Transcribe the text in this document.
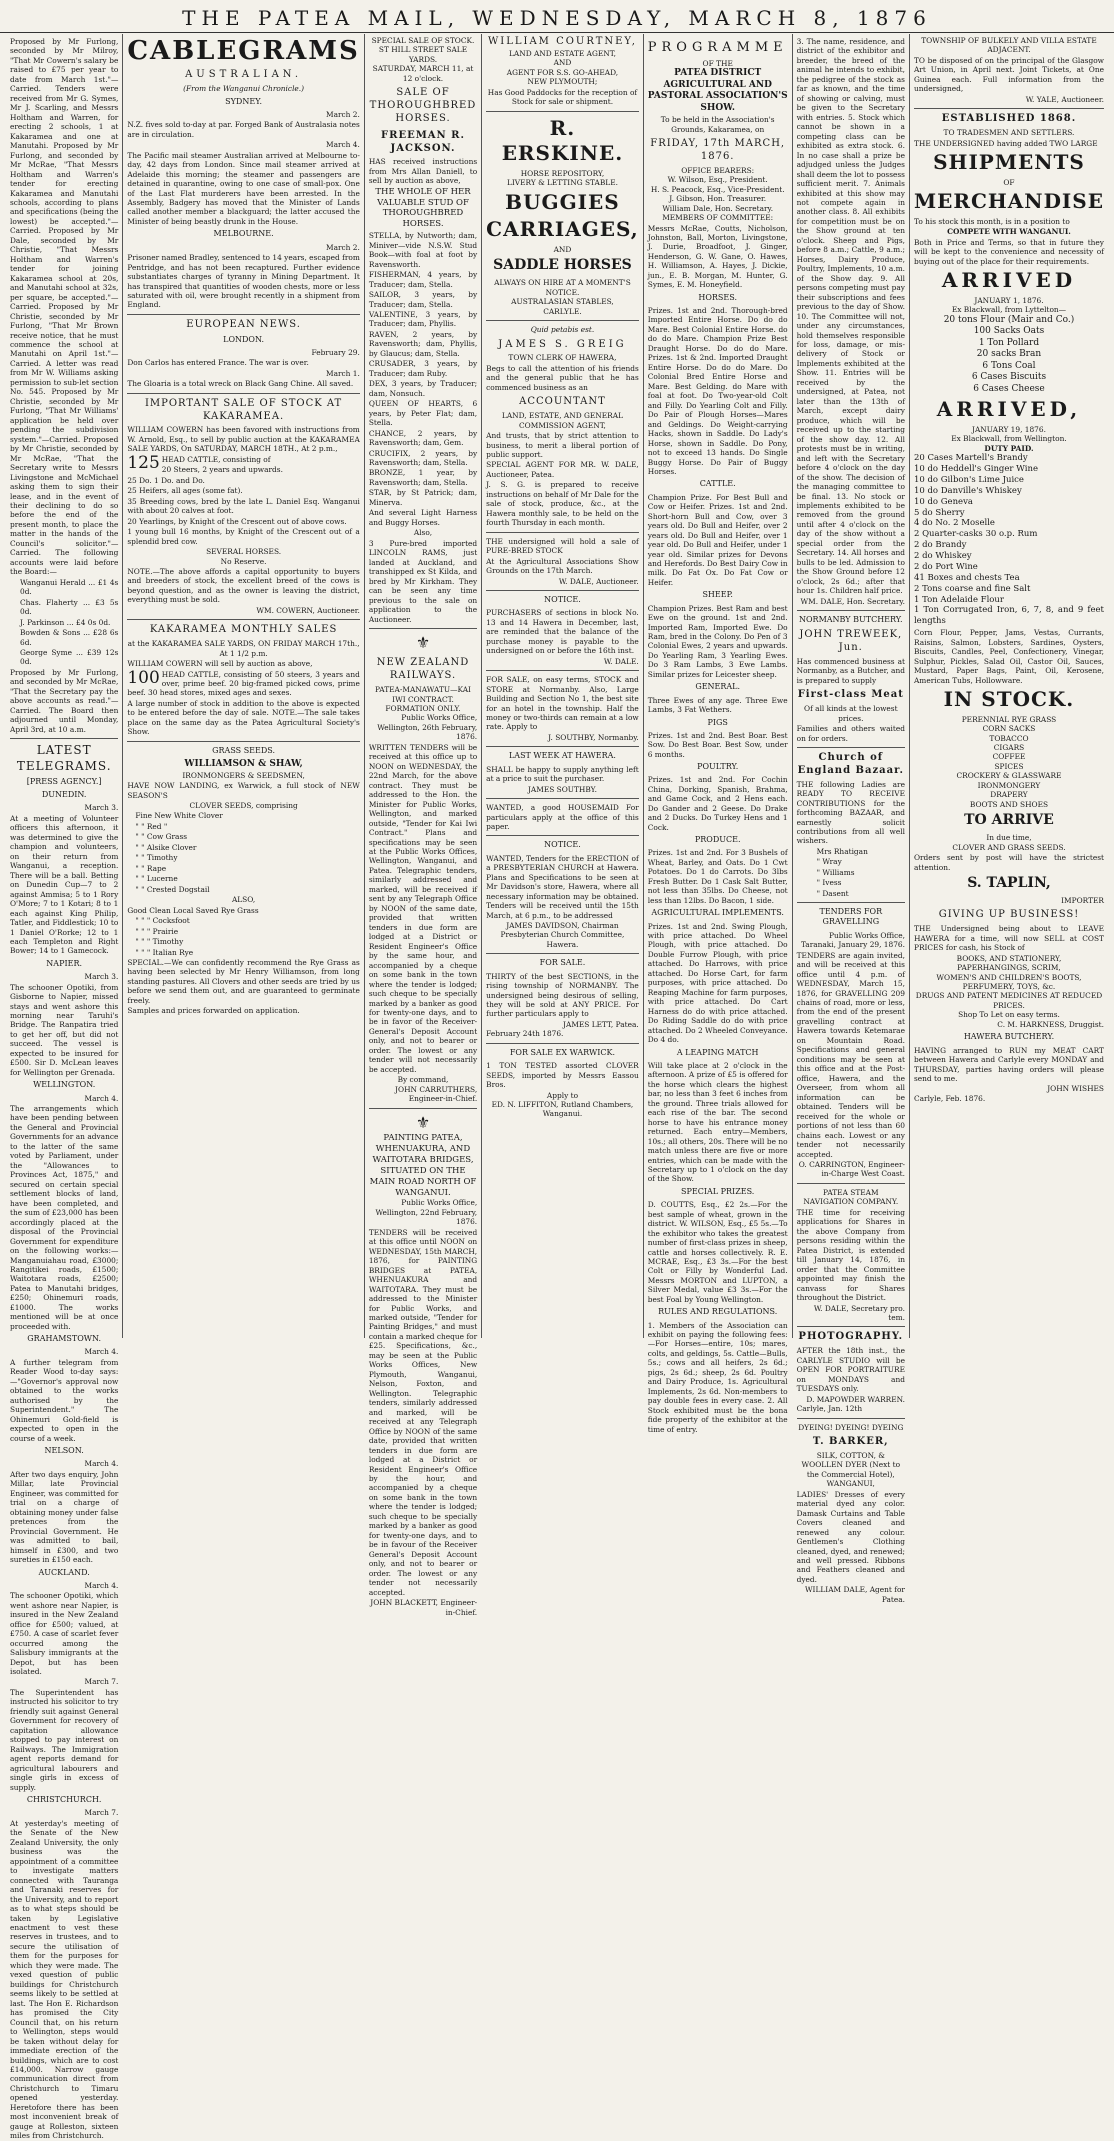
THE PATEA MAIL, WEDNESDAY, MARCH 8, 1876

Proposed by Mr Furlong, seconded by Mr Milroy, "That Mr Cowern's salary be raised to £75 per year to date from March 1st."—Carried. Tenders were received from Mr G. Symes, Mr J. Scarling, and Messrs Holtham and Warren, for erecting 2 schools, 1 at Kakaramea and one at Manutahi. Proposed by Mr Furlong, and seconded by Mr McRae, "That Messrs Holtham and Warren's tender for erecting Kakaramea and Manutahi schools, according to plans and specifications (being the lowest) be accepted."—Carried. Proposed by Mr Dale, seconded by Mr Christie, "That Messrs Holtham and Warren's tender for joining Kakaramea school at 20s, and Manutahi school at 32s, per square, be accepted."—Carried. Proposed by Mr Christie, seconded by Mr Furlong, "That Mr Brown receive notice, that he must commence the school at Manutahi on April 1st."—Carried. A letter was read from Mr W. Williams asking permission to sub-let section No. 545. Proposed by Mr Christie, seconded by Mr Furlong, "That Mr Williams' application be held over pending the subdivision system."—Carried. Proposed by Mr Christie, seconded by Mr McRae, "That the Secretary write to Messrs Livingstone and McMichael asking them to sign their lease, and in the event of their declining to do so before the end of the present month, to place the matter in the hands of the Council's solicitor."—Carried. The following accounts were laid before the Board:—

Wanganui Herald ... £1 4s 0d.

Chas. Flaherty ... £3 5s 0d.

J. Parkinson ... £4 0s 0d.

Bowden & Sons ... £28 6s 6d.

George Syme ... £39 12s 0d.

Proposed by Mr Furlong, and seconded by Mr McRae, "That the Secretary pay the above accounts as read."—Carried. The Board then adjourned until Monday, April 3rd, at 10 a.m.

LATEST TELEGRAMS.
[PRESS AGENCY.]
DUNEDIN.
March 3.

At a meeting of Volunteer officers this afternoon, it was determined to give the champion and volunteers, on their return from Wanganui, a reception. There will be a ball. Betting on Dunedin Cup—7 to 2 against Ammisa; 5 to 1 Rory O'More; 7 to 1 Kotari; 8 to 1 each against King Philip, Tatler, and Fiddlestick; 10 to 1 Daniel O'Rorke; 12 to 1 each Templeton and Right Bower; 14 to 1 Gamecock.

NAPIER.
March 3.

The schooner Opotiki, from Gisborne to Napier, missed stays and went ashore this morning near Taruhi's Bridge. The Ranpatira tried to get her off, but did not succeed. The vessel is expected to be insured for £500. Sir D. McLean leaves for Wellington per Grenada.

WELLINGTON.
March 4.

The arrangements which have been pending between the General and Provincial Governments for an advance to the latter of the same voted by Parliament, under the "Allowances to Provinces Act, 1875," and secured on certain special settlement blocks of land, have been completed, and the sum of £23,000 has been accordingly placed at the disposal of the Provincial Government for expenditure on the following works:—Manganuiahau road, £3000; Rangitikei roads, £1500; Waitotara roads, £2500; Patea to Manutahi bridges, £250; Ohinemuri roads, £1000. The works mentioned will be at once proceeded with.

GRAHAMSTOWN.
March 4.

A further telegram from Reader Wood to-day says:—"Governor's approval now obtained to the works authorised by the Superintendent." The Ohinemuri Gold-field is expected to open in the course of a week.

NELSON.
March 4.

After two days enquiry, John Millar, late Provincial Engineer, was committed for trial on a charge of obtaining money under false pretences from the Provincial Government. He was admitted to bail, himself in £300, and two sureties in £150 each.

AUCKLAND.
March 4.

The schooner Opotiki, which went ashore near Napier, is insured in the New Zealand office for £500; valued, at £750. A case of scarlet fever occurred among the Salisbury immigrants at the Depot, but has been isolated.

March 7.

The Superintendent has instructed his solicitor to try friendly suit against General Government for recovery of capitation allowance stopped to pay interest on Railways. The Immigration agent reports demand for agricultural labourers and single girls in excess of supply.

CHRISTCHURCH.
March 7.

At yesterday's meeting of the Senate of the New Zealand University, the only business was the appointment of a committee to investigate matters connected with Tauranga and Taranaki reserves for the University, and to report as to what steps should be taken by Legislative enactment to vest these reserves in trustees, and to secure the utilisation of them for the purposes for which they were made. The vexed question of public buildings for Christchurch seems likely to be settled at last. The Hon E. Richardson has promised the City Council that, on his return to Wellington, steps would be taken without delay for immediate erection of the buildings, which are to cost £14,000. Narrow gauge communication direct from Christchurch to Timaru opened yesterday. Heretofore there has been most inconvenient break of gauge at Rolleston, sixteen miles from Christchurch.

CABLEGRAMS
AUSTRALIAN.
(From the Wanganui Chronicle.)
SYDNEY.
March 2.

N.Z. fives sold to-day at par. Forged Bank of Australasia notes are in circulation.

March 4.

The Pacific mail steamer Australian arrived at Melbourne to-day, 42 days from London. Since mail steamer arrived at Adelaide this morning; the steamer and passengers are detained in quarantine, owing to one case of small-pox. One of the Last Flat murderers have been arrested. In the Assembly, Badgery has moved that the Minister of Lands called another member a blackguard; the latter accused the Minister of being beastly drunk in the House.

MELBOURNE.
March 2.

Prisoner named Bradley, sentenced to 14 years, escaped from Pentridge, and has not been recaptured. Further evidence substantiates charges of tyranny in Mining Department. It has transpired that quantities of wooden chests, more or less saturated with oil, were brought recently in a shipment from England.

EUROPEAN NEWS.
LONDON.
February 29.

Don Carlos has entered France. The war is over.

March 1.

The Gloaria is a total wreck on Black Gang Chine. All saved.

IMPORTANT SALE OF STOCK AT KAKARAMEA.

WILLIAM COWERN has been favored with instructions from W. Arnold, Esq., to sell by public auction at the KAKARAMEA SALE YARDS, On SATURDAY, MARCH 18TH., At 2 p.m.,

125 HEAD CATTLE, consisting of

20 Steers, 2 years and upwards.

25 Do. 1 Do. and Do.

25 Heifers, all ages (some fat).

35 Breeding cows, bred by the late L. Daniel Esq. Wanganui with about 20 calves at foot.

20 Yearlings, by Knight of the Crescent out of above cows.

1 young bull 16 months, by Knight of the Crescent out of a splendid bred cow.

SEVERAL HORSES.
No Reserve.

NOTE.—The above affords a capital opportunity to buyers and breeders of stock, the excellent breed of the cows is beyond question, and as the owner is leaving the district, everything must be sold.

WM. COWERN, Auctioneer.
KAKARAMEA MONTHLY SALES
at the KAKARAMEA SALE YARDS, ON FRIDAY MARCH 17th., At 1 1/2 p.m.

WILLIAM COWERN will sell by auction as above,

100 HEAD CATTLE, consisting of 50 steers, 3 years and over, prime beef. 20 big-framed picked cows, prime beef. 30 head stores, mixed ages and sexes.

A large number of stock in addition to the above is expected to be entered before the day of sale. NOTE.—The sale takes place on the same day as the Patea Agricultural Society's Show.

GRASS SEEDS.
WILLIAMSON & SHAW,
IRONMONGERS & SEEDSMEN,

HAVE NOW LANDING, ex Warwick, a full stock of NEW SEASON'S

CLOVER SEEDS, comprising

Fine New White Clover

" " Red "

" " Cow Grass

" " Alsike Clover

" " Timothy

" " Rape

" " Lucerne

" " Crested Dogstail

ALSO,

Good Clean Local Saved Rye Grass

" " " Cocksfoot

" " " Prairie

" " " Timothy

" " " Italian Rye

SPECIAL.—We can confidently recommend the Rye Grass as having been selected by Mr Henry Williamson, from long standing pastures. All Clovers and other seeds are tried by us before we send them out, and are guaranteed to germinate freely.

Samples and prices forwarded on application.

SPECIAL SALE OF STOCK.
ST HILL STREET SALE YARDS.
SATURDAY, MARCH 11, at 12 o'clock.
SALE OF THOROUGHBRED HORSES.
FREEMAN R. JACKSON.

HAS received instructions from Mrs Allan Daniell, to sell by auction as above,

THE WHOLE OF HER VALUABLE STUD OF THOROUGHBRED HORSES.

STELLA, by Nutworth; dam, Miniver—vide N.S.W. Stud Book—with foal at foot by Ravensworth.

FISHERMAN, 4 years, by Traducer; dam, Stella.

SAILOR, 3 years, by Traducer; dam, Stella.

VALENTINE, 3 years, by Traducer; dam, Phyllis.

RAVEN, 2 years, by Ravensworth; dam, Phyllis, by Glaucus; dam, Stella.

CRUSADER, 3 years, by Traducer; dam Ruby.

DEX, 3 years, by Traducer; dam, Nonsuch.

QUEEN OF HEARTS, 6 years, by Peter Flat; dam, Stella.

CHANCE, 2 years, by Ravensworth; dam, Gem.

CRUCIFIX, 2 years, by Ravensworth; dam, Stella.

BRONZE, 1 year, by Ravensworth; dam, Stella.

STAR, by St Patrick; dam, Minerva.

And several Light Harness and Buggy Horses.

Also,

3 Pure-bred imported LINCOLN RAMS, just landed at Auckland, and transhipped ex St Kilda, and bred by Mr Kirkham. They can be seen any time previous to the sale on application to the Auctioneer.

⚜
NEW ZEALAND RAILWAYS.
PATEA-MANAWATU—KAI IWI CONTRACT.
FORMATION ONLY.
Public Works Office, Wellington, 26th February, 1876.

WRITTEN TENDERS will be received at this office up to NOON on WEDNESDAY, the 22nd March, for the above contract. They must be addressed to the Hon. the Minister for Public Works, Wellington, and marked outside, "Tender for Kai Iwi Contract." Plans and specifications may be seen at the Public Works Offices, Wellington, Wanganui, and Patea. Telegraphic tenders, similarly addressed and marked, will be received if sent by any Telegraph Office by NOON of the same date, provided that written tenders in due form are lodged at a District or Resident Engineer's Office by the same hour, and accompanied by a cheque on some bank in the town where the tender is lodged; such cheque to be specially marked by a banker as good for twenty-one days, and to be in favor of the Receiver-General's Deposit Account only, and not to bearer or order. The lowest or any tender will not necessarily be accepted.

By command,
JOHN CARRUTHERS, Engineer-in-Chief.
⚜
PAINTING PATEA, WHENUAKURA, AND WAITOTARA BRIDGES, SITUATED ON THE MAIN ROAD NORTH OF WANGANUI.
Public Works Office, Wellington, 22nd February, 1876.

TENDERS will be received at this office until NOON on WEDNESDAY, 15th MARCH, 1876, for PAINTING BRIDGES at PATEA, WHENUAKURA and WAITOTARA. They must be addressed to the Minister for Public Works, and marked outside, "Tender for Painting Bridges," and must contain a marked cheque for £25. Specifications, &c., may be seen at the Public Works Offices, New Plymouth, Wanganui, Nelson, Foxton, and Wellington. Telegraphic tenders, similarly addressed and marked, will be received at any Telegraph Office by NOON of the same date, provided that written tenders in due form are lodged at a District or Resident Engineer's Office by the hour, and accompanied by a cheque on some bank in the town where the tender is lodged; such cheque to be specially marked by a banker as good for twenty-one days, and to be in favour of the Receiver General's Deposit Account only, and not to bearer or order. The lowest or any tender not necessarily accepted.

JOHN BLACKETT, Engineer-in-Chief.
WILLIAM COURTNEY,
LAND AND ESTATE AGENT,
AND
AGENT FOR S.S. GO-AHEAD,
NEW PLYMOUTH;

Has Good Paddocks for the reception of Stock for sale or shipment.

R. ERSKINE.
HORSE REPOSITORY,
LIVERY & LETTING STABLE.
BUGGIES
CARRIAGES,
AND
SADDLE HORSES
ALWAYS ON HIRE AT A MOMENT'S NOTICE.
AUSTRALASIAN STABLES,
CARLYLE.
Quid petabis est.
JAMES S. GREIG
TOWN CLERK OF HAWERA,

Begs to call the attention of his friends and the general public that he has commenced business as an

ACCOUNTANT
LAND, ESTATE, AND GENERAL COMMISSION AGENT,

And trusts, that by strict attention to business, to merit a liberal portion of public support.

SPECIAL AGENT FOR MR. W. DALE, Auctioneer, Patea.

J. S. G. is prepared to receive instructions on behalf of Mr Dale for the sale of stock, produce, &c., at the Hawera monthly sale, to be held on the fourth Thursday in each month.

THE undersigned will hold a sale of PURE-BRED STOCK

At the Agricultural Associations Show Grounds on the 17th March.

W. DALE, Auctioneer.
NOTICE.

PURCHASERS of sections in block No. 13 and 14 Hawera in December, last, are reminded that the balance of the purchase money is payable to the undersigned on or before the 16th inst.

W. DALE.

FOR SALE, on easy terms, STOCK and STORE at Normanby. Also, Large Building and Section No 1, the best site for an hotel in the township. Half the money or two-thirds can remain at a low rate. Apply to

J. SOUTHBY, Normanby.
LAST WEEK AT HAWERA.

SHALL be happy to supply anything left at a price to suit the purchaser.

JAMES SOUTHBY.

WANTED, a good HOUSEMAID For particulars apply at the office of this paper.

NOTICE.

WANTED, Tenders for the ERECTION of a PRESBYTERIAN CHURCH at Hawera. Plans and Specifications to be seen at Mr Davidson's store, Hawera, where all necessary information may be obtained. Tenders will be received until the 15th March, at 6 p.m., to be addressed

JAMES DAVIDSON, Chairman Presbyterian Church Committee, Hawera.
FOR SALE.

THIRTY of the best SECTIONS, in the rising township of NORMANBY. The undersigned being desirous of selling, they will be sold at ANY PRICE. For further particulars apply to

JAMES LETT, Patea.
February 24th 1876.
FOR SALE EX WARWICK.

1 TON TESTED assorted CLOVER SEEDS, imported by Messrs Eassou Bros.

Apply to
ED. N. LIFFITON, Rutland Chambers, Wanganui.
PROGRAMME
OF THE
PATEA DISTRICT AGRICULTURAL AND PASTORAL ASSOCIATION'S SHOW.

To be held in the Association's Grounds, Kakaramea, on

FRIDAY, 17th MARCH, 1876.
OFFICE BEARERS:
W. Wilson, Esq., President.
H. S. Peacock, Esq., Vice-President.
J. Gibson, Hon. Treasurer.
William Dale, Hon. Secretary.
MEMBERS OF COMMITTEE:

Messrs McRae, Coutts, Nicholson, Johnston, Ball, Morton, Livingstone, J. Durie, Broadfoot, J. Ginger, Henderson, G. W. Gane, O. Hawes, H. Williamson, A. Hayes, J. Dickie, jun., E. B. Morgan, M. Hunter, G. Symes, E. M. Honeyfield.

HORSES.

Prizes. 1st and 2nd. Thorough-bred Imported Entire Horse. Do do do Mare. Best Colonial Entire Horse. do do do Mare. Champion Prize Best Draught Horse. Do do do Mare. Prizes. 1st & 2nd. Imported Draught Entire Horse. Do do do Mare. Do Colonial Bred Entire Horse and Mare. Best Gelding. do Mare with foal at foot. Do Two-year-old Colt and Filly. Do Yearling Colt and Filly. Do Pair of Plough Horses—Mares and Geldings. Do Weight-carrying Hacks, shown in Saddle. Do Lady's Horse, shown in Saddle. Do Pony, not to exceed 13 hands. Do Single Buggy Horse. Do Pair of Buggy Horses.

CATTLE.

Champion Prize. For Best Bull and Cow or Heifer. Prizes. 1st and 2nd. Short-horn Bull and Cow, over 3 years old. Do Bull and Heifer, over 2 years old. Do Bull and Heifer, over 1 year old. Do Bull and Heifer, under 1 year old. Similar prizes for Devons and Herefords. Do Best Dairy Cow in milk. Do Fat Ox. Do Fat Cow or Heifer.

SHEEP.

Champion Prizes. Best Ram and best Ewe on the ground. 1st and 2nd. Imported Ram, Imported Ewe. Do Ram, bred in the Colony. Do Pen of 3 Colonial Ewes, 2 years and upwards. Do Yearling Ram, 3 Yearling Ewes. Do 3 Ram Lambs, 3 Ewe Lambs. Similar prizes for Leicester sheep.

GENERAL.

Three Ewes of any age. Three Ewe Lambs, 3 Fat Wethers.

PIGS

Prizes. 1st and 2nd. Best Boar. Best Sow. Do Best Boar. Best Sow, under 6 months.

POULTRY.

Prizes. 1st and 2nd. For Cochin China, Dorking, Spanish, Brahma, and Game Cock, and 2 Hens each. Do Gander and 2 Geese. Do Drake and 2 Ducks. Do Turkey Hens and 1 Cock.

PRODUCE.

Prizes. 1st and 2nd. For 3 Bushels of Wheat, Barley, and Oats. Do 1 Cwt Potatoes. Do 1 do Carrots. Do 3lbs Fresh Butter. Do 1 Cask Salt Butter, not less than 35lbs. Do Cheese, not less than 12lbs. Do Bacon, 1 side.

AGRICULTURAL IMPLEMENTS.

Prizes. 1st and 2nd. Swing Plough, with price attached. Do Wheel Plough, with price attached. Do Double Furrow Plough, with price attached. Do Harrows, with price attached. Do Horse Cart, for farm purposes, with price attached. Do Reaping Machine for farm purposes, with price attached. Do Cart Harness do do with price attached. Do Riding Saddle do do with price attached. Do 2 Wheeled Conveyance. Do 4 do.

A LEAPING MATCH

Will take place at 2 o'clock in the afternoon. A prize of £5 is offered for the horse which clears the highest bar, no less than 3 feet 6 inches from the ground. Three trials allowed for each rise of the bar. The second horse to have his entrance money returned. Each entry—Members, 10s.; all others, 20s. There will be no match unless there are five or more entries, which can be made with the Secretary up to 1 o'clock on the day of the Show.

SPECIAL PRIZES.

D. COUTTS, Esq., £2 2s.—For the best sample of wheat, grown in the district. W. WILSON, Esq., £5 5s.—To the exhibitor who takes the greatest number of first-class prizes in sheep, cattle and horses collectively. R. E. MCRAE, Esq., £3 3s.—For the best Colt or Filly by Wonderful Lad. Messrs MORTON and LUPTON, a Silver Medal, value £3 3s.—For the best Foal by Young Wellington.

RULES AND REGULATIONS.

1. Members of the Association can exhibit on paying the following fees:—For Horses—entire, 10s; mares, colts, and geldings, 5s. Cattle—Bulls, 5s.; cows and all heifers, 2s 6d.; pigs, 2s 6d.; sheep, 2s 6d. Poultry and Dairy Produce, 1s. Agricultural Implements, 2s 6d. Non-members to pay double fees in every case. 2. All Stock exhibited must be the bona fide property of the exhibitor at the time of entry.

3. The name, residence, and district of the exhibitor and breeder, the breed of the animal he intends to exhibit, the pedigree of the stock as far as known, and the time of showing or calving, must be given to the Secretary with entries. 5. Stock which cannot be shown in a competing class can be exhibited as extra stock. 6. In no case shall a prize be adjudged unless the Judges shall deem the lot to possess sufficient merit. 7. Animals exhibited at this show may not compete again in another class. 8. All exhibits for competition must be on the Show ground at ten o'clock. Sheep and Pigs, before 8 a.m.; Cattle, 9 a.m.; Horses, Dairy Produce, Poultry, Implements, 10 a.m. of the Show day. 9. All persons competing must pay their subscriptions and fees previous to the day of Show. 10. The Committee will not, under any circumstances, hold themselves responsible for loss, damage, or mis-delivery of Stock or Implements exhibited at the Show. 11. Entries will be received by the undersigned, at Patea, not later than the 13th of March, except dairy produce, which will be received up to the starting of the show day. 12. All protests must be in writing, and left with the Secretary before 4 o'clock on the day of the show. The decision of the managing committee to be final. 13. No stock or implements exhibited to be removed from the ground until after 4 o'clock on the day of the show without a special order from the Secretary. 14. All horses and bulls to be led. Admission to the Show Ground before 12 o'clock, 2s 6d.; after that hour 1s. Children half price.

WM. DALE, Hon. Secretary.
NORMANBY BUTCHERY.
JOHN TREWEEK, Jun.

Has commenced business at Normanby, as a Butcher, and is prepared to supply

First-class Meat
Of all kinds at the lowest prices.

Families and others waited on for orders.

Church of England Bazaar.

THE following Ladies are READY TO RECEIVE CONTRIBUTIONS for the forthcoming BAZAAR, and earnestly solicit contributions from all well wishers.

Mrs Rhatigan

" Wray

" Williams

" Ivess

" Dasent

TENDERS FOR GRAVELLING
Public Works Office, Taranaki, January 29, 1876.

TENDERS are again invited, and will be received at this office until 4 p.m. of WEDNESDAY, March 15, 1876, for GRAVELLING 209 chains of road, more or less, from the end of the present gravelling contract at Hawera towards Ketemarae on Mountain Road. Specifications and general conditions may be seen at this office and at the Post-office, Hawera, and the Overseer, from whom all information can be obtained. Tenders will be received for the whole or portions of not less than 60 chains each. Lowest or any tender not necessarily accepted.

O. CARRINGTON, Engineer-in-Charge West Coast.
PATEA STEAM NAVIGATION COMPANY.

THE time for receiving applications for Shares in the above Company from persons residing within the Patea District, is extended till January 14, 1876, in order that the Committee appointed may finish the canvass for Shares throughout the District.

W. DALE, Secretary pro. tem.
PHOTOGRAPHY.

AFTER the 18th inst., the CARLYLE STUDIO will be OPEN FOR PORTRAITURE on MONDAYS and TUESDAYS only.

D. MAPOWDER WARREN.
Carlyle, Jan. 12th
DYEING! DYEING! DYEING
T. BARKER,
SILK, COTTON, & WOOLLEN DYER (Next to the Commercial Hotel), WANGANUI,

LADIES' Dresses of every material dyed any color. Damask Curtains and Table Covers cleaned and renewed any colour. Gentlemen's Clothing cleaned, dyed, and renewed; and well pressed. Ribbons and Feathers cleaned and dyed.

WILLIAM DALE, Agent for Patea.
TOWNSHIP OF BULKELY AND VILLA ESTATE ADJACENT.

TO be disposed of on the principal of the Glasgow Art Union, in April next. Joint Tickets, at One Guinea each. Full information from the undersigned,

W. YALE, Auctioneer.
ESTABLISHED 1868.
TO TRADESMEN AND SETTLERS.

THE UNDERSIGNED having added TWO LARGE

SHIPMENTS
OF
MERCHANDISE

To his stock this month, is in a position to

COMPETE WITH WANGANUI.

Both in Price and Terms, so that in future they will be kept to the convenience and necessity of buying out of the place for their requirements.

ARRIVED
JANUARY 1, 1876.
Ex Blackwall, from Lyttelton—
20 tons Flour (Mair and Co.)
100 Sacks Oats
1 Ton Pollard
20 sacks Bran
6 Tons Coal
6 Cases Biscuits
6 Cases Cheese
ARRIVED,
JANUARY 19, 1876.
Ex Blackwall, from Wellington.
DUTY PAID.
20 Cases Martell's Brandy
10 do Heddell's Ginger Wine
10 do Gilbon's Lime Juice
10 do Danville's Whiskey
10 do Geneva
5 do Sherry
4 do No. 2 Moselle
2 Quarter-casks 30 o.p. Rum
2 do Brandy
2 do Whiskey
2 do Port Wine
41 Boxes and chests Tea
2 Tons coarse and fine Salt
1 Ton Adelaide Flour
1 Ton Corrugated Iron, 6, 7, 8, and 9 feet lengths

Corn Flour, Pepper, Jams, Vestas, Currants, Raisins, Salmon, Lobsters, Sardines, Oysters, Biscuits, Candles, Peel, Confectionery, Vinegar, Sulphur, Pickles, Salad Oil, Castor Oil, Sauces, Mustard, Paper Bags, Paint, Oil, Kerosene, American Tubs, Hollowware.

IN STOCK.
PERENNIAL RYE GRASS
CORN SACKS
TOBACCO
CIGARS
COFFEE
SPICES
CROCKERY & GLASSWARE
IRONMONGERY
DRAPERY
BOOTS AND SHOES
TO ARRIVE
In due time,
CLOVER AND GRASS SEEDS.

Orders sent by post will have the strictest attention.

S. TAPLIN,
IMPORTER
GIVING UP BUSINESS!

THE Undersigned being about to LEAVE HAWERA for a time, will now SELL at COST PRICES for cash, his Stock of

BOOKS, AND STATIONERY,
PAPERHANGINGS, SCRIM,
WOMEN'S AND CHILDREN'S BOOTS, PERFUMERY, TOYS, &c.
DRUGS AND PATENT MEDICINES AT REDUCED PRICES.
Shop To Let on easy terms.
C. M. HARKNESS, Druggist.
HAWERA BUTCHERY.

HAVING arranged to RUN my MEAT CART between Hawera and Carlyle every MONDAY and THURSDAY, parties having orders will please send to me.

JOHN WISHES
Carlyle, Feb. 1876.
